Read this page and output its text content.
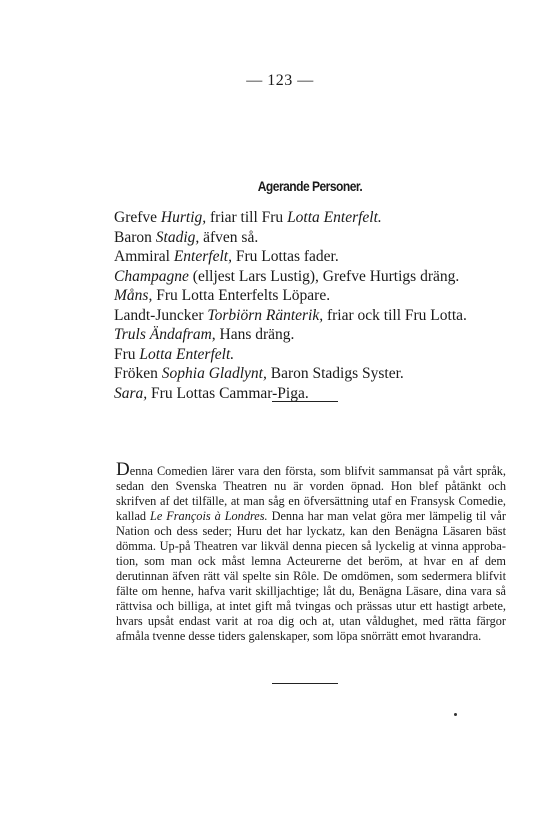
— 123 —
Agerande Personer.
Grefve Hurtig, friar till Fru Lotta Enterfelt.
Baron Stadig, äfven så.
Ammiral Enterfelt, Fru Lottas fader.
Champagne (elljest Lars Lustig), Grefve Hurtigs dräng.
Måns, Fru Lotta Enterfelts Löpare.
Landt-Juncker Torbiörn Ränterik, friar ock till Fru Lotta.
Truls Ändafram, Hans dräng.
Fru Lotta Enterfelt.
Fröken Sophia Gladlynt, Baron Stadigs Syster.
Sara, Fru Lottas Cammar-Piga.

Denna Comedien lärer vara den första, som blifvit sammansat på vårt språk, sedan den Svenska Theatren nu är vorden öpnad. Hon blef påtänkt och skrifven af det tilfälle, at man såg en öfversättning utaf en Fransysk Comedie, kallad Le François à Londres. Denna har man velat göra mer lämpelig til vår Nation och dess seder; Huru det har lyckatz, kan den Benägna Läsaren bäst dömma. Up-på Theatren var likväl denna piecen så lyckelig at vinna approba- tion, som man ock måst lemna Acteurerne det beröm, at hvar en af dem derutinnan äfven rätt väl spelte sin Rôle. De omdömen, som sedermera blifvit fälte om henne, hafva varit skilljachtige; låt du, Benägna Läsare, dina vara så rättvisa och billiga, at intet gift må tvingas och prässas utur ett hastigt arbete, hvars upsåt endast varit at roa dig och at, utan våldughet, med rätta färgor afmåla tvenne desse tiders galenskaper, som löpa snörrätt emot hvarandra.
